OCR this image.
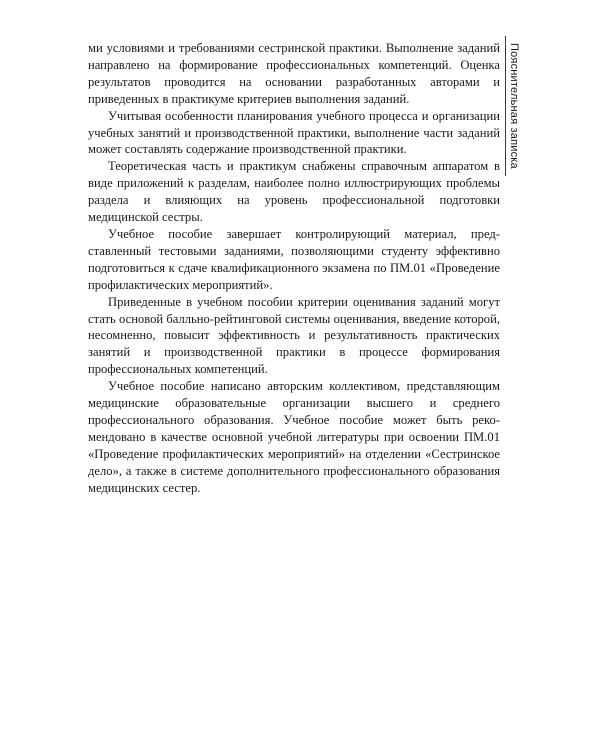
Пояснительная записка

ми условиями и требованиями сестринской практики. Выполнение заданий направлено на формирование профессиональных компетенций. Оценка результатов проводится на основании разработанных авторами и приведенных в практикуме критериев выполнения заданий.

Учитывая особенности планирования учебного процесса и организации учебных занятий и производственной практики, выполнение части заданий может составлять содержание производственной практики.

Теоретическая часть и практикум снабжены справочным аппаратом в виде приложений к разделам, наиболее полно иллюстрирующих проблемы раздела и влияющих на уровень профессиональной подготовки медицинской сестры.

Учебное пособие завершает контролирующий материал, представленный тестовыми заданиями, позволяющими студенту эффективно подготовиться к сдаче квалификационного экзамена по ПМ.01 «Проведение профилактических мероприятий».

Приведенные в учебном пособии критерии оценивания заданий могут стать основой балльно-рейтинговой системы оценивания, введение которой, несомненно, повысит эффективность и результативность практических занятий и производственной практики в процессе формирования профессиональных компетенций.

Учебное пособие написано авторским коллективом, представляющим медицинские образовательные организации высшего и среднего профессионального образования. Учебное пособие может быть рекомендовано в качестве основной учебной литературы при освоении ПМ.01 «Проведение профилактических мероприятий» на отделении «Сестринское дело», а также в системе дополнительного профессионального образования медицинских сестер.
